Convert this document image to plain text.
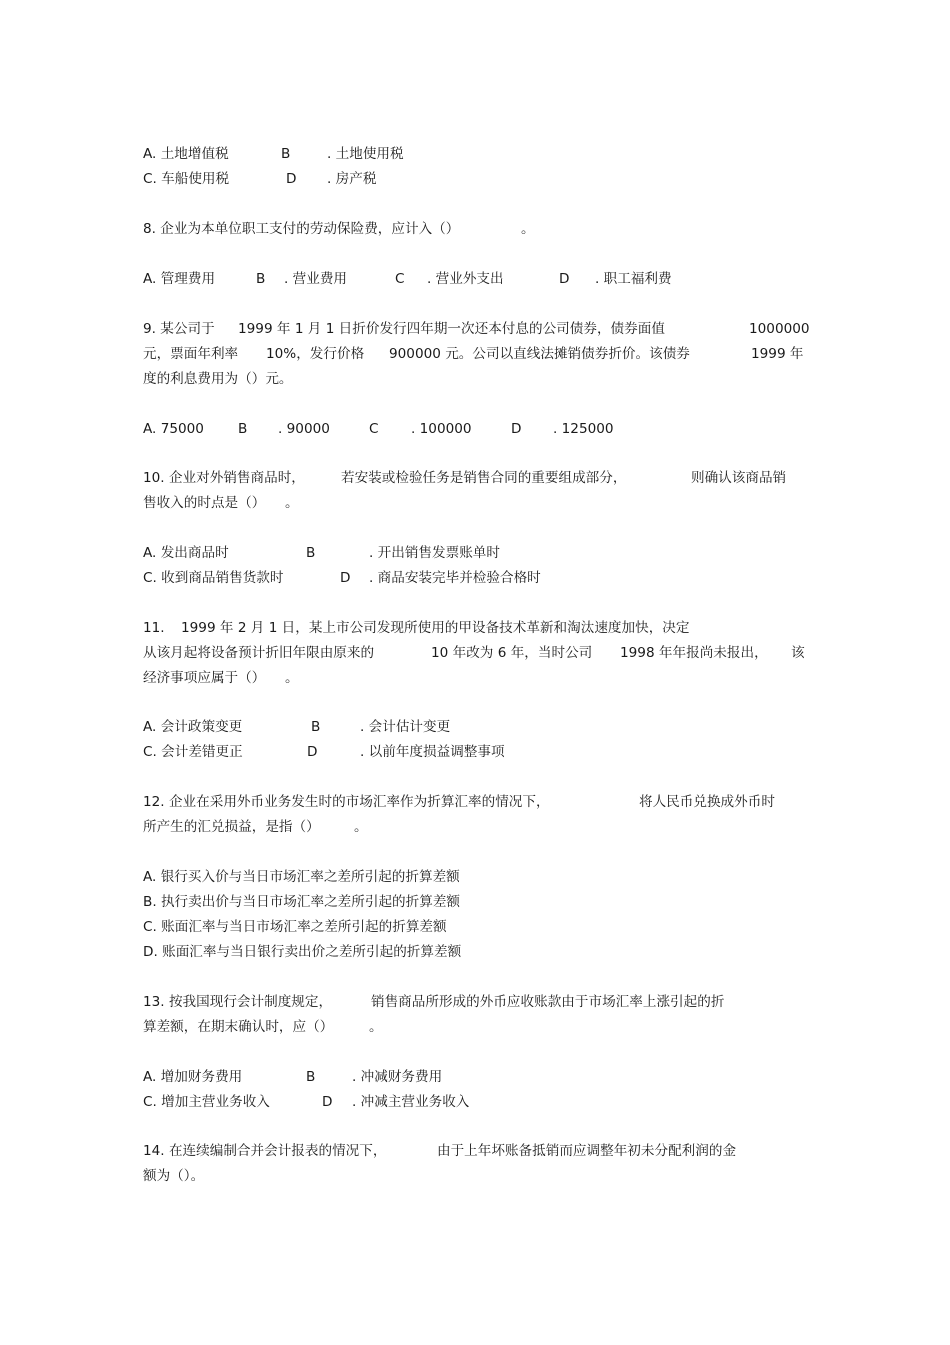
A. 土地增值税	B	. 土地使用税
C. 车船使用税	D . 房产税
8. 企业为本单位职工支付的劳动保险费，应计入（）	。
A. 管理费用	B . 营业费用	C . 营业外支出	D . 职工福利费
9. 某公司于 1999 年 1 月 1 日折价发行四年期一次还本付息的公司债券，债券面值	1000000
元，票面年利率 10%，发行价格 900000 元。公司以直线法摊销债券折价。该债券	1999 年
度的利息费用为（）元。
A. 75000	B . 90000	C . 100000	D . 125000
10. 企业对外销售商品时，	若安装或检验任务是销售合同的重要组成部分，	则确认该商品销
售收入的时点是（） 。
A. 发出商品时	B	. 开出销售发票账单时
C. 收到商品销售货款时	D . 商品安装完毕并检验合格时
11. 1999 年 2 月 1 日，某上市公司发现所使用的甲设备技术革新和淘汰速度加快，决定
从该月起将设备预计折旧年限由原来的	10 年改为 6 年，当时公司 1998 年年报尚未报出， 该
经济事项应属于（） 。
A. 会计政策变更	B	. 会计估计变更
C. 会计差错更正	D	. 以前年度损益调整事项
12. 企业在采用外币业务发生时的市场汇率作为折算汇率的情况下，	将人民币兑换成外币时
所产生的汇兑损益，是指（）	。
A. 银行买入价与当日市场汇率之差所引起的折算差额
B. 执行卖出价与当日市场汇率之差所引起的折算差额
C. 账面汇率与当日市场汇率之差所引起的折算差额
D. 账面汇率与当日银行卖出价之差所引起的折算差额
13. 按我国现行会计制度规定，	销售商品所形成的外币应收账款由于市场汇率上涨引起的折
算差额，在期末确认时，应（）	。
A. 增加财务费用	B	. 冲减财务费用
C. 增加主营业务收入	D . 冲减主营业务收入
14. 在连续编制合并会计报表的情况下，	由于上年坏账备抵销而应调整年初未分配利润的金
额为（）。
